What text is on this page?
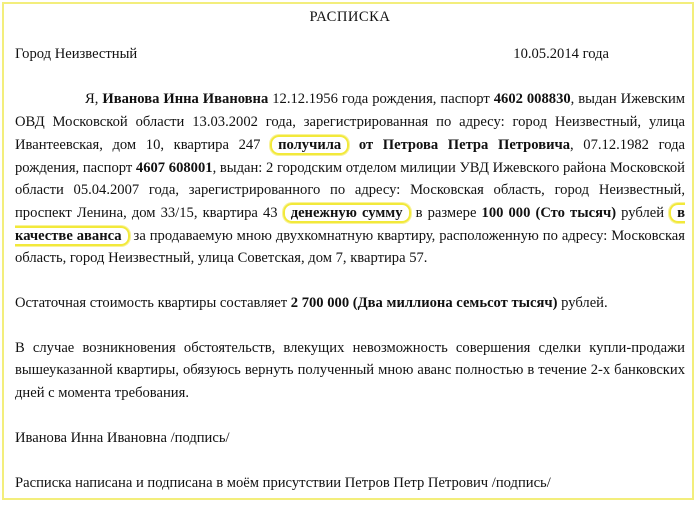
РАСПИСКА
Город Неизвестный	10.05.2014 года

Я, Иванова Инна Ивановна 12.12.1956 года рождения, паспорт 4602 008830, выдан Ижевским ОВД Московской области 13.03.2002 года, зарегистрированная по адресу: город Неизвестный, улица Ивантеевская, дом 10, квартира 247 получила от Петрова Петра Петровича, 07.12.1982 года рождения, паспорт 4607 608001, выдан: 2 городским отделом милиции УВД Ижевского района Московской области 05.04.2007 года, зарегистрированного по адресу: Московская область, город Неизвестный, проспект Ленина, дом 33/15, квартира 43 денежную сумму в размере 100 000 (Сто тысяч) рублей в качестве аванса за продаваемую мною двухкомнатную квартиру, расположенную по адресу: Московская область, город Неизвестный, улица Советская, дом 7, квартира 57.

Остаточная стоимость квартиры составляет 2 700 000 (Два миллиона семьсот тысяч) рублей.

В случае возникновения обстоятельств, влекущих невозможность совершения сделки купли-продажи вышеуказанной квартиры, обязуюсь вернуть полученный мною аванс полностью в течение 2-х банковских дней с момента требования.

Иванова Инна Ивановна /подпись/

Расписка написана и подписана в моём присутствии Петров Петр Петрович /подпись/
